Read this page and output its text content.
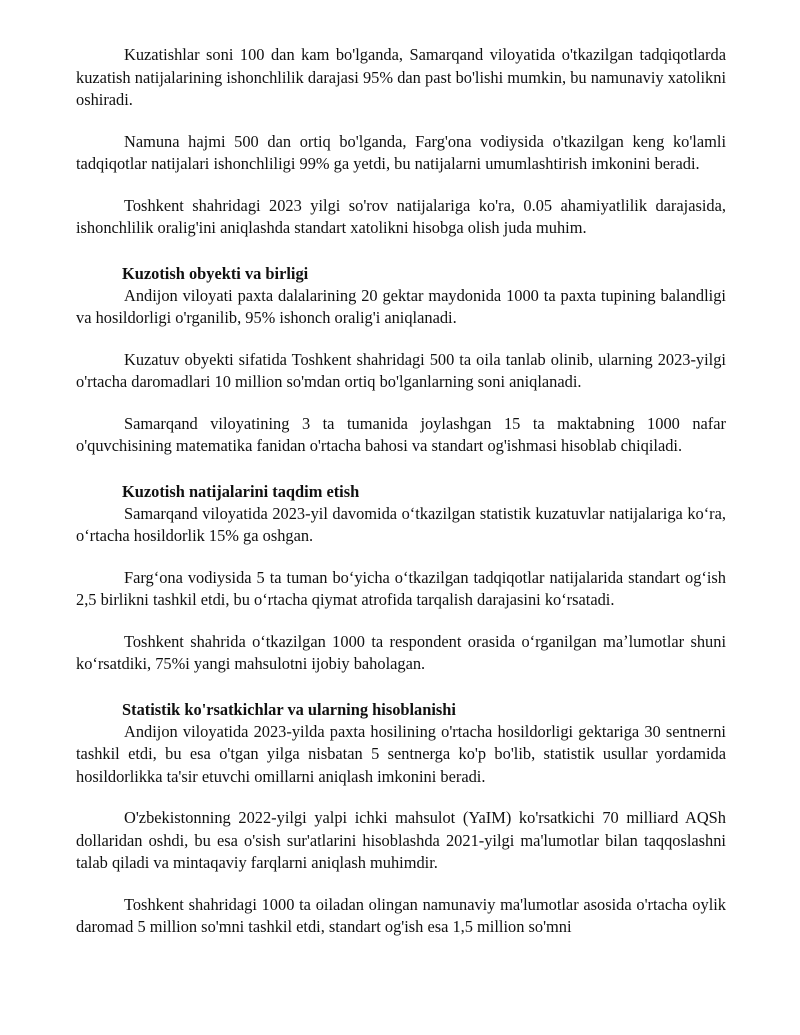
Kuzatishlar soni 100 dan kam bo'lganda, Samarqand viloyatida o'tkazilgan tadqiqotlarda kuzatish natijalarining ishonchlilik darajasi 95% dan past bo'lishi mumkin, bu namunaviy xatolikni oshiradi.

Namuna hajmi 500 dan ortiq bo'lganda, Farg'ona vodiysida o'tkazilgan keng ko'lamli tadqiqotlar natijalari ishonchliligi 99% ga yetdi, bu natijalarni umumlashtirish imkonini beradi.

Toshkent shahridagi 2023 yilgi so'rov natijalariga ko'ra, 0.05 ahamiyatlilik darajasida, ishonchlilik oralig'ini aniqlashda standart xatolikni hisobga olish juda muhim.

Kuzotish obyekti va birligi

Andijon viloyati paxta dalalarining 20 gektar maydonida 1000 ta paxta tupining balandligi va hosildorligi o'rganilib, 95% ishonch oralig'i aniqlanadi.

Kuzatuv obyekti sifatida Toshkent shahridagi 500 ta oila tanlab olinib, ularning 2023-yilgi o'rtacha daromadlari 10 million so'mdan ortiq bo'lganlarning soni aniqlanadi.

Samarqand viloyatining 3 ta tumanida joylashgan 15 ta maktabning 1000 nafar o'quvchisining matematika fanidan o'rtacha bahosi va standart og'ishmasi hisoblab chiqiladi.

Kuzotish natijalarini taqdim etish

Samarqand viloyatida 2023-yil davomida oʻtkazilgan statistik kuzatuvlar natijalariga koʻra, oʻrtacha hosildorlik 15% ga oshgan.

Fargʻona vodiysida 5 ta tuman boʻyicha oʻtkazilgan tadqiqotlar natijalarida standart ogʻish 2,5 birlikni tashkil etdi, bu oʻrtacha qiymat atrofida tarqalish darajasini koʻrsatadi.

Toshkent shahrida oʻtkazilgan 1000 ta respondent orasida oʻrganilgan maʼlumotlar shuni koʻrsatdiki, 75%i yangi mahsulotni ijobiy baholagan.

Statistik ko'rsatkichlar va ularning hisoblanishi

Andijon viloyatida 2023-yilda paxta hosilining o'rtacha hosildorligi gektariga 30 sentnerni tashkil etdi, bu esa o'tgan yilga nisbatan 5 sentnerga ko'p bo'lib, statistik usullar yordamida hosildorlikka ta'sir etuvchi omillarni aniqlash imkonini beradi.

O'zbekistonning 2022-yilgi yalpi ichki mahsulot (YaIM) ko'rsatkichi 70 milliard AQSh dollaridan oshdi, bu esa o'sish sur'atlarini hisoblashda 2021-yilgi ma'lumotlar bilan taqqoslashni talab qiladi va mintaqaviy farqlarni aniqlash muhimdir.

Toshkent shahridagi 1000 ta oiladan olingan namunaviy ma'lumotlar asosida o'rtacha oylik daromad 5 million so'mni tashkil etdi, standart og'ish esa 1,5 million so'mni
